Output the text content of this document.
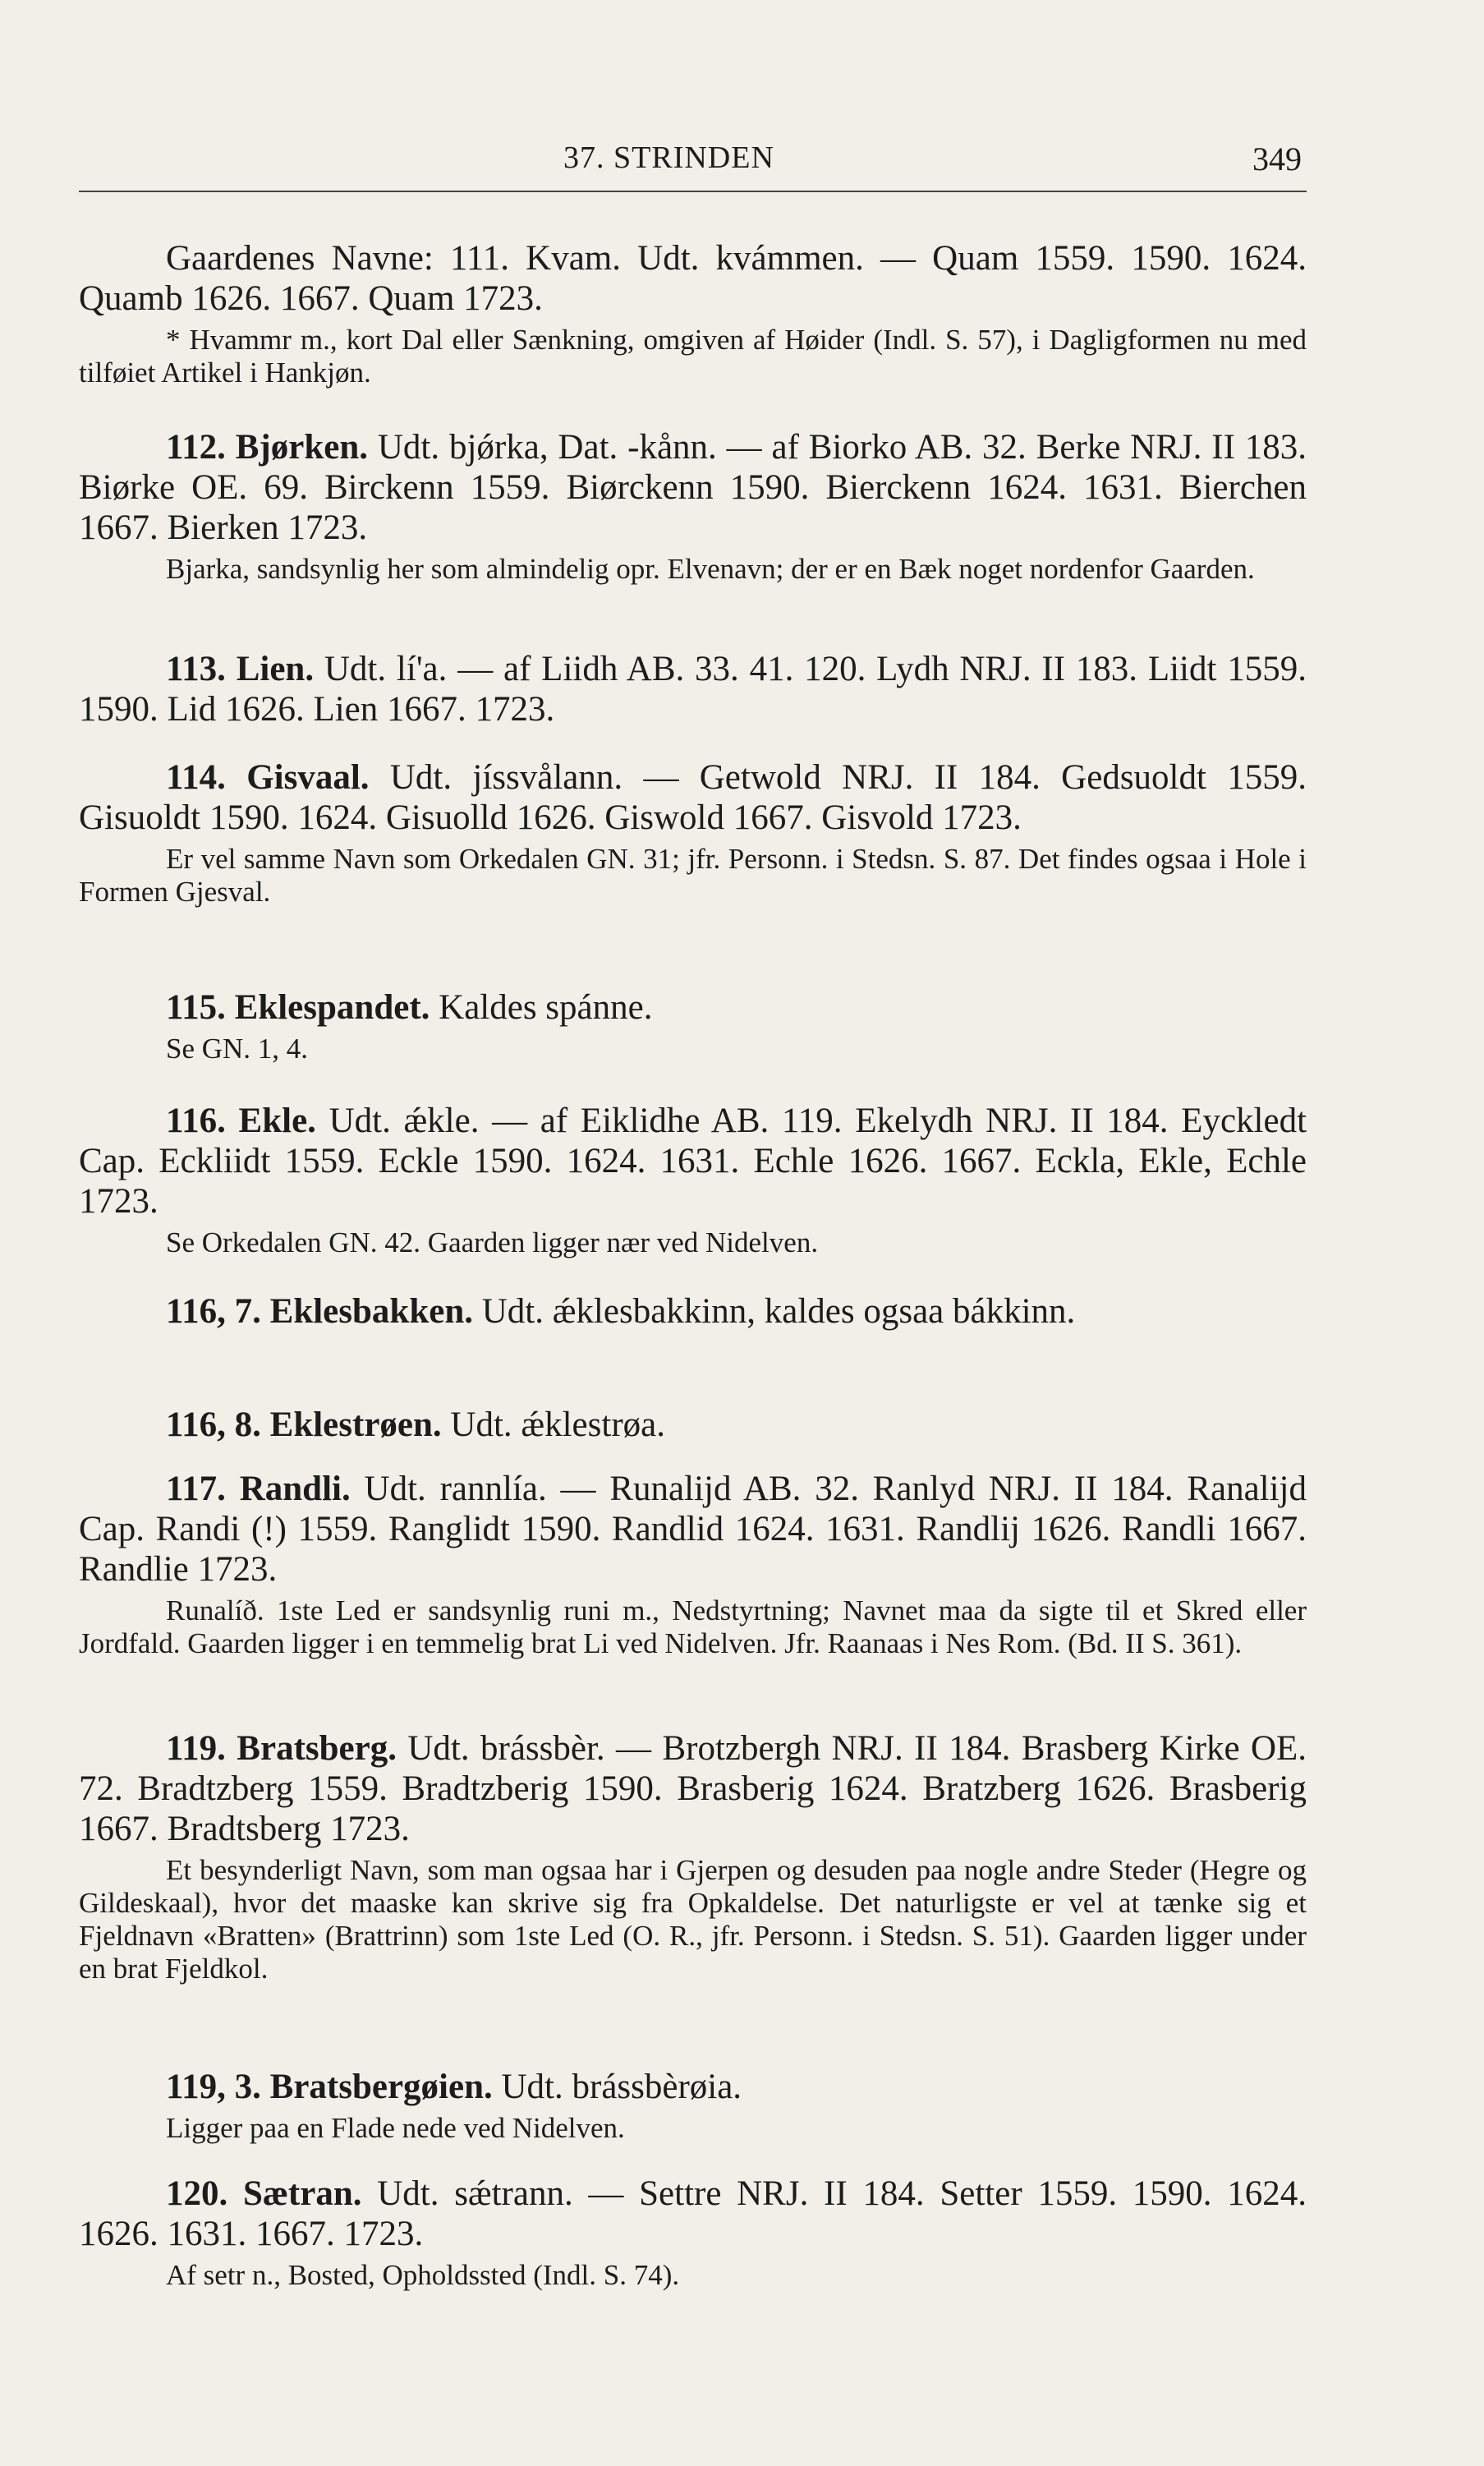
37. STRINDEN	349
Gaardenes Navne: 111. Kvam. Udt. kvámmen. — Quam 1559. 1590. 1624. Quamb 1626. 1667. Quam 1723.
* Hvammr m., kort Dal eller Sænkning, omgiven af Høider (Indl. S. 57), i Dagligformen nu med tilføiet Artikel i Hankjøn.
112. Bjørken. Udt. bjǿrka, Dat. -kånn. — af Biorko AB. 32. Berke NRJ. II 183. Biørke OE. 69. Birckenn 1559. Biørckenn 1590. Bierckenn 1624. 1631. Bierchen 1667. Bierken 1723.
Bjarka, sandsynlig her som almindelig opr. Elvenavn; der er en Bæk noget nordenfor Gaarden.
113. Lien. Udt. lí'a. — af Liidh AB. 33. 41. 120. Lydh NRJ. II 183. Liidt 1559. 1590. Lid 1626. Lien 1667. 1723.
114. Gisvaal. Udt. jíssvålann. — Getwold NRJ. II 184. Gedsuoldt 1559. Gisuoldt 1590. 1624. Gisuolld 1626. Giswold 1667. Gisvold 1723.
Er vel samme Navn som Orkedalen GN. 31; jfr. Personn. i Stedsn. S. 87. Det findes ogsaa i Hole i Formen Gjesval.
115. Eklespandet. Kaldes spánne.
Se GN. 1, 4.
116. Ekle. Udt. ǽkle. — af Eiklidhe AB. 119. Ekelydh NRJ. II 184. Eyckledt Cap. Eckliidt 1559. Eckle 1590. 1624. 1631. Echle 1626. 1667. Eckla, Ekle, Echle 1723.
Se Orkedalen GN. 42. Gaarden ligger nær ved Nidelven.
116, 7. Eklesbakken. Udt. ǽklesbakkinn, kaldes ogsaa bákkinn.
116, 8. Eklestrøen. Udt. ǽklestrøa.
117. Randli. Udt. rannlía. — Runalijd AB. 32. Ranlyd NRJ. II 184. Ranalijd Cap. Randi (!) 1559. Ranglidt 1590. Randlid 1624. 1631. Randlij 1626. Randli 1667. Randlie 1723.
Runalíð. 1ste Led er sandsynlig runi m., Nedstyrtning; Navnet maa da sigte til et Skred eller Jordfald. Gaarden ligger i en temmelig brat Li ved Nidelven. Jfr. Raanaas i Nes Rom. (Bd. II S. 361).
119. Bratsberg. Udt. brássbèr. — Brotzbergh NRJ. II 184. Brasberg Kirke OE. 72. Bradtzberg 1559. Bradtzberig 1590. Brasberig 1624. Bratzberg 1626. Brasberig 1667. Bradtsberg 1723.
Et besynderligt Navn, som man ogsaa har i Gjerpen og desuden paa nogle andre Steder (Hegre og Gildeskaal), hvor det maaske kan skrive sig fra Opkaldelse. Det naturligste er vel at tænke sig et Fjeldnavn «Bratten» (Brattrinn) som 1ste Led (O. R., jfr. Personn. i Stedsn. S. 51). Gaarden ligger under en brat Fjeldkol.
119, 3. Bratsbergøien. Udt. brássbèrøia.
Ligger paa en Flade nede ved Nidelven.
120. Sætran. Udt. sǽtrann. — Settre NRJ. II 184. Setter 1559. 1590. 1624. 1626. 1631. 1667. 1723.
Af setr n., Bosted, Opholdssted (Indl. S. 74).
